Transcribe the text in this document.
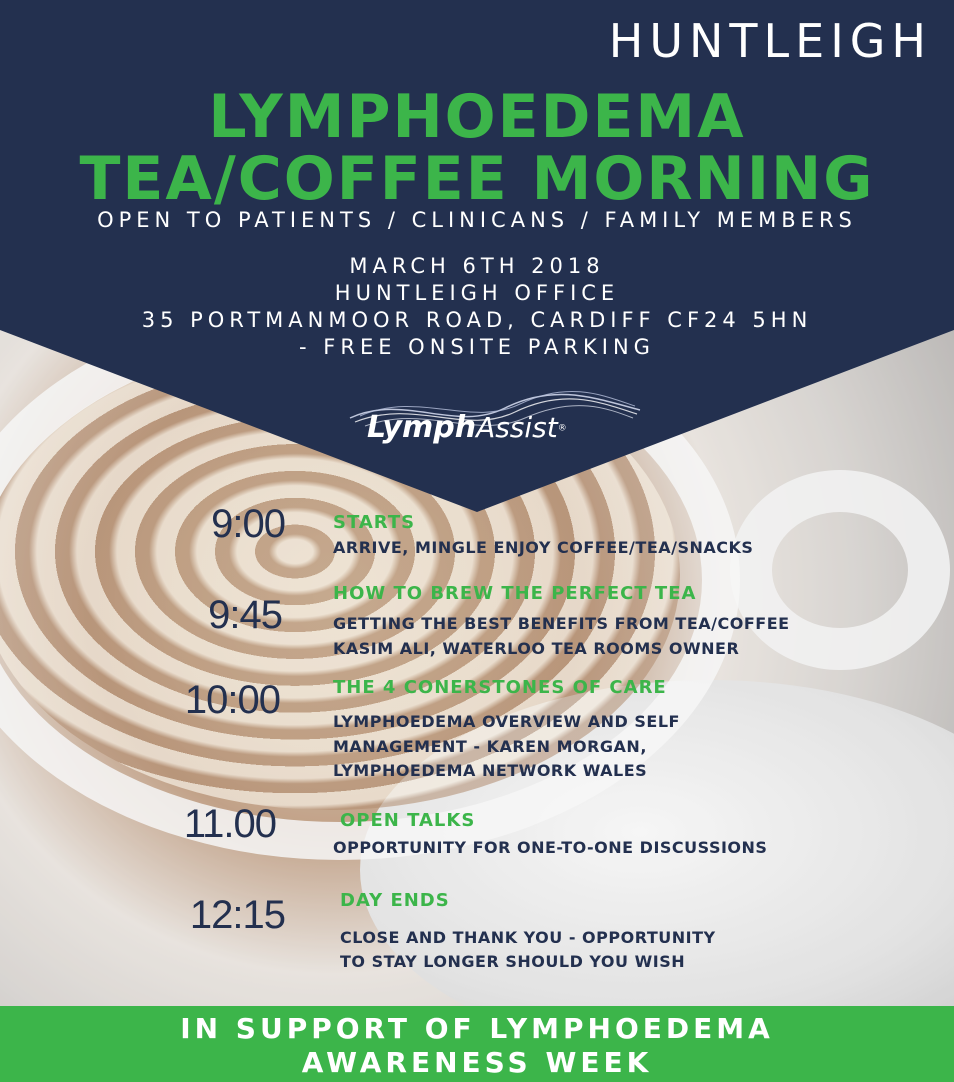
HUNTLEIGH
LYMPHOEDEMA
TEA/COFFEE MORNING
OPEN TO PATIENTS / CLINICANS / FAMILY MEMBERS
MARCH 6TH 2018
HUNTLEIGH OFFICE
35 PORTMANMOOR ROAD, CARDIFF CF24 5HN
- FREE ONSITE PARKING
LymphAssist®
9:00	STARTS
ARRIVE, MINGLE ENJOY COFFEE/TEA/SNACKS
9:45	HOW TO BREW THE PERFECT TEA
GETTING THE BEST BENEFITS FROM TEA/COFFEE
KASIM ALI, WATERLOO TEA ROOMS OWNER
10:00	THE 4 CONERSTONES OF CARE
LYMPHOEDEMA OVERVIEW AND SELF
MANAGEMENT - KAREN MORGAN,
LYMPHOEDEMA NETWORK WALES
11.00	OPEN TALKS
OPPORTUNITY FOR ONE-TO-ONE DISCUSSIONS
12:15	DAY ENDS
CLOSE AND THANK YOU - OPPORTUNITY
TO STAY LONGER SHOULD YOU WISH
IN SUPPORT OF LYMPHOEDEMA
AWARENESS WEEK
